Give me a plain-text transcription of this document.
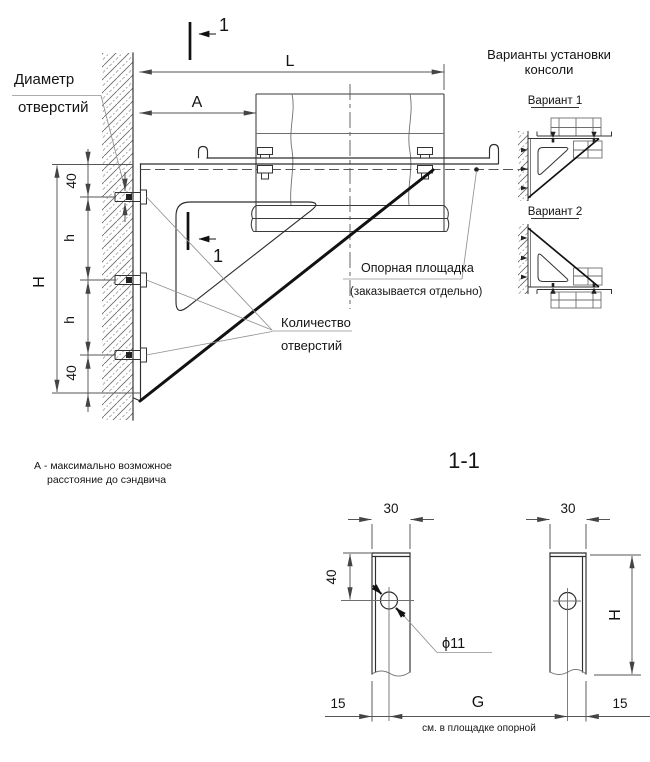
1
1
L
А
40
h
h
40
Н
Диаметр
отверстий
Количество
отверстий
Опорная площадка
(заказывается отдельно)
А - максимально возможное
расстояние до сэндвича
Варианты установки
консоли
Вариант 1
Вариант 2
1-1
40
30	30
ϕ11
Н
15	G	15
см. в площадке опорной
